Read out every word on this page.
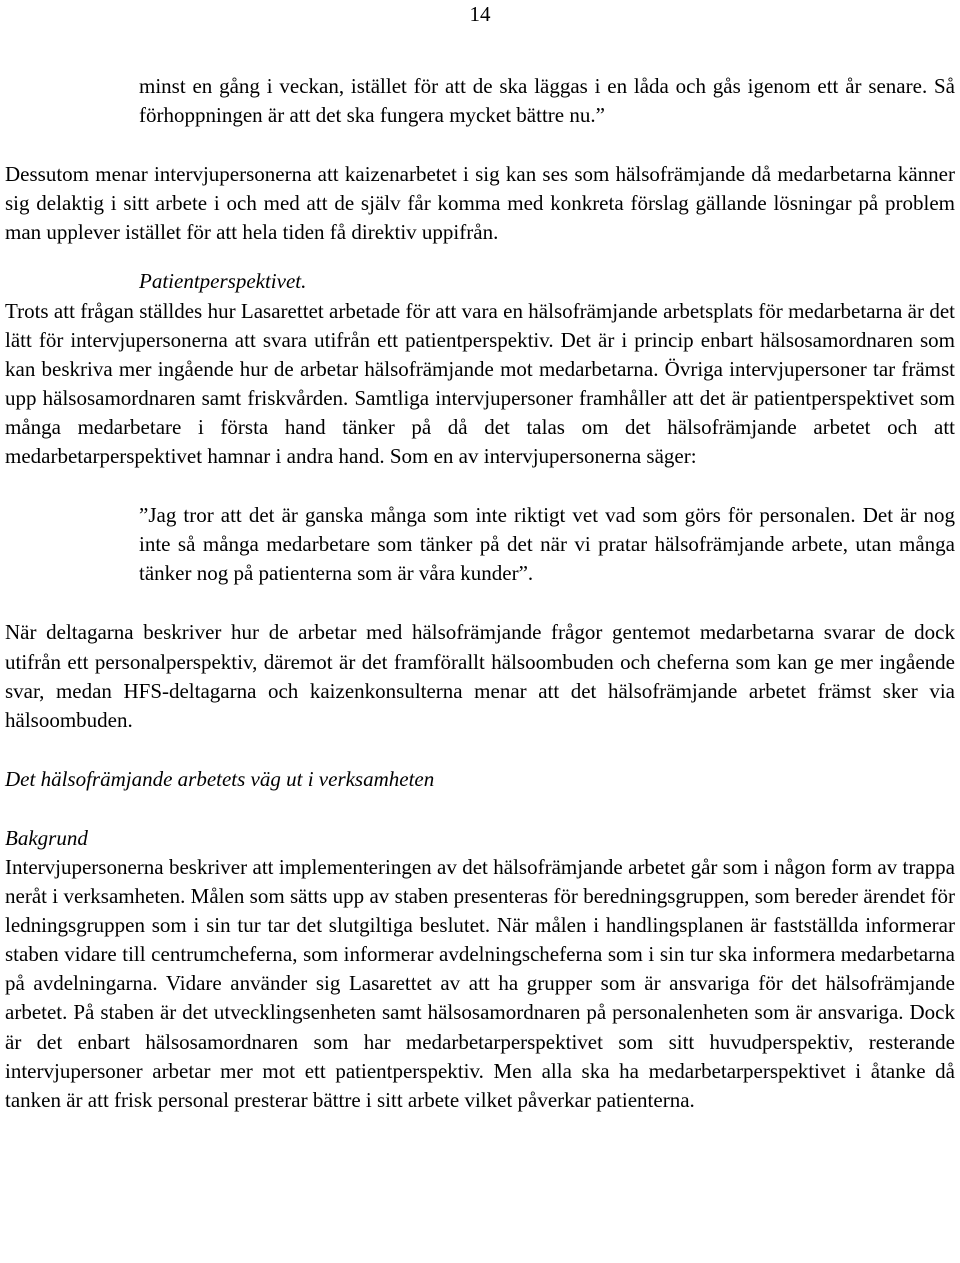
14

minst en gång i veckan, istället för att de ska läggas i en låda och gås igenom ett år senare. Så förhoppningen är att det ska fungera mycket bättre nu.”

Dessutom menar intervjupersonerna att kaizenarbetet i sig kan ses som hälsofrämjande då medarbetarna känner sig delaktig i sitt arbete i och med att de själv får komma med konkreta förslag gällande lösningar på problem man upplever istället för att hela tiden få direktiv uppifrån.

Patientperspektivet.

Trots att frågan ställdes hur Lasarettet arbetade för att vara en hälsofrämjande arbetsplats för medarbetarna är det lätt för intervjupersonerna att svara utifrån ett patientperspektiv. Det är i princip enbart hälsosamordnaren som kan beskriva mer ingående hur de arbetar hälsofrämjande mot medarbetarna. Övriga intervjupersoner tar främst upp hälsosamordnaren samt friskvården. Samtliga intervjupersoner framhåller att det är patientperspektivet som många medarbetare i första hand tänker på då det talas om det hälsofrämjande arbetet och att medarbetarperspektivet hamnar i andra hand. Som en av intervjupersonerna säger:

”Jag tror att det är ganska många som inte riktigt vet vad som görs för personalen. Det är nog inte så många medarbetare som tänker på det när vi pratar hälsofrämjande arbete, utan många tänker nog på patienterna som är våra kunder”.

När deltagarna beskriver hur de arbetar med hälsofrämjande frågor gentemot medarbetarna svarar de dock utifrån ett personalperspektiv, däremot är det framförallt hälsoombuden och cheferna som kan ge mer ingående svar, medan HFS-deltagarna och kaizenkonsulterna menar att det hälsofrämjande arbetet främst sker via hälsoombuden.

Det hälsofrämjande arbetets väg ut i verksamheten

Bakgrund

Intervjupersonerna beskriver att implementeringen av det hälsofrämjande arbetet går som i någon form av trappa neråt i verksamheten. Målen som sätts upp av staben presenteras för beredningsgruppen, som bereder ärendet för ledningsgruppen som i sin tur tar det slutgiltiga beslutet. När målen i handlingsplanen är fastställda informerar staben vidare till centrumcheferna, som informerar avdelningscheferna som i sin tur ska informera medarbetarna på avdelningarna. Vidare använder sig Lasarettet av att ha grupper som är ansvariga för det hälsofrämjande arbetet. På staben är det utvecklingsenheten samt hälsosamordnaren på personalenheten som är ansvariga. Dock är det enbart hälsosamordnaren som har medarbetarperspektivet som sitt huvudperspektiv, resterande intervjupersoner arbetar mer mot ett patientperspektiv. Men alla ska ha medarbetarperspektivet i åtanke då tanken är att frisk personal presterar bättre i sitt arbete vilket påverkar patienterna.
